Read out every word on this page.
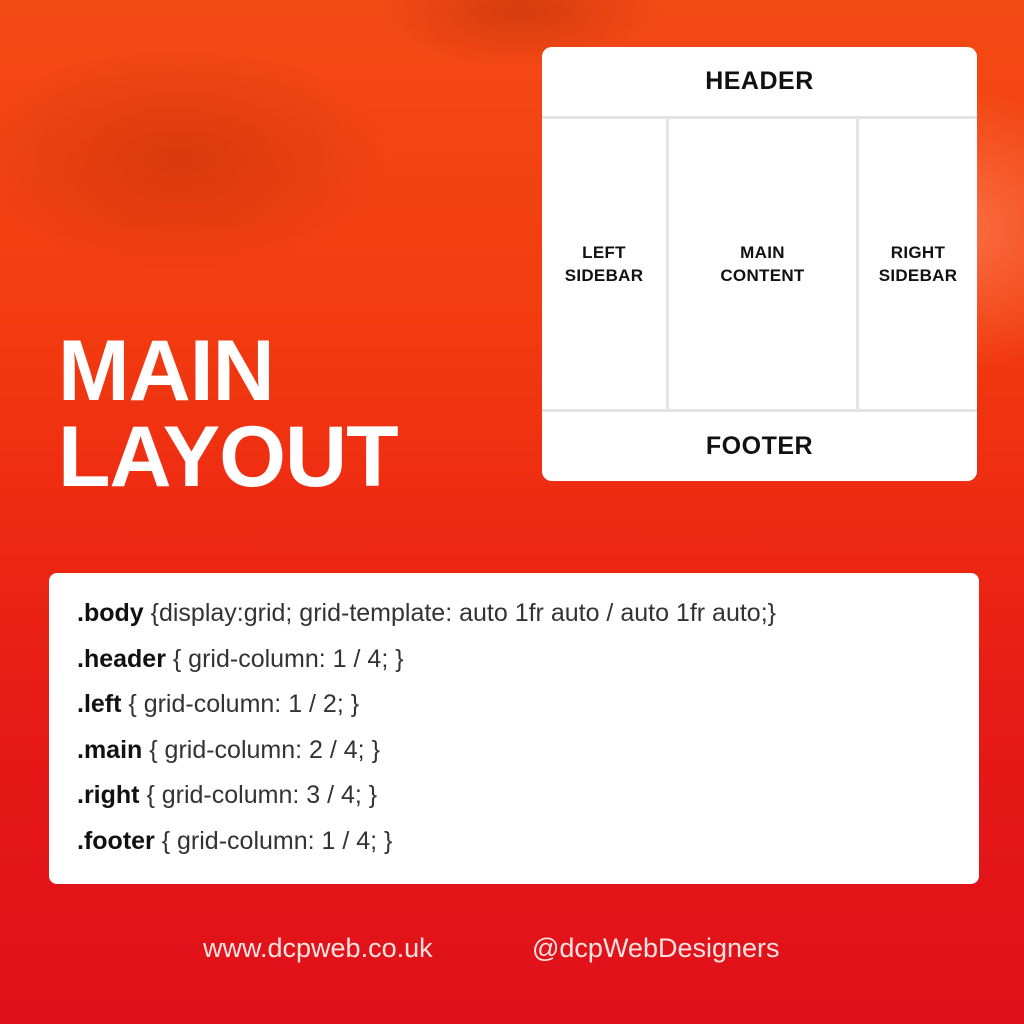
MAIN
LAYOUT
HEADER
LEFT
SIDEBAR
MAIN
CONTENT
RIGHT
SIDEBAR
FOOTER
.body {display:grid; grid-template: auto 1fr auto / auto 1fr auto;}
.header { grid-column: 1 / 4; }
.left { grid-column: 1 / 2; }
.main { grid-column: 2 / 4; }
.right { grid-column: 3 / 4; }
.footer { grid-column: 1 / 4; }
www.dcpweb.co.uk	@dcpWebDesigners
